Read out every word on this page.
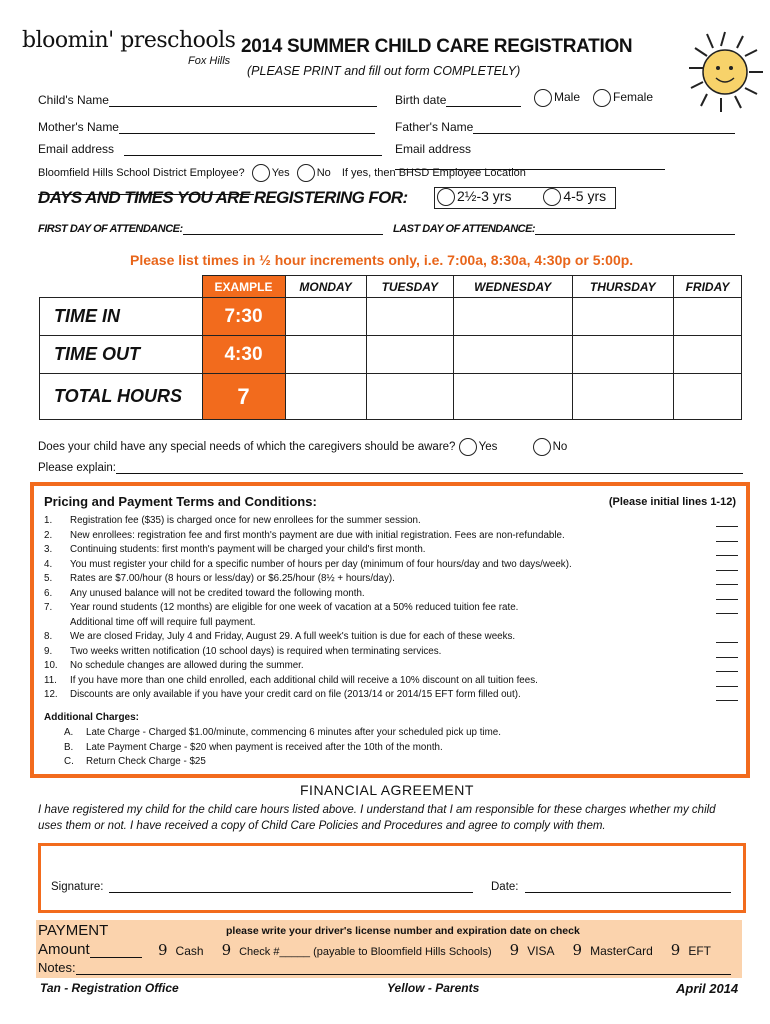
bloomin' preschools
Fox Hills
2014 SUMMER CHILD CARE REGISTRATION
(PLEASE PRINT and fill out form COMPLETELY)
Child's Name	Birth date	Male	Female
Mother's Name	Father's Name
Email address	Email address
Bloomfield Hills School District Employee? Yes No If yes, then BHSD Employee Location
DAYS AND TIMES YOU ARE REGISTERING FOR:	2½-3 yrs	4-5 yrs
FIRST DAY OF ATTENDANCE:	LAST DAY OF ATTENDANCE:
Please list times in ½ hour increments only, i.e. 7:00a, 8:30a, 4:30p or 5:00p.
	EXAMPLE	MONDAY	TUESDAY	WEDNESDAY	THURSDAY	FRIDAY
TIME IN	7:30					
TIME OUT	4:30					
TOTAL HOURS	7					
Does your child have any special needs of which the caregivers should be aware? Yes	No
Please explain:
Pricing and Payment Terms and Conditions:	(Please initial lines 1-12)
1.	Registration fee ($35) is charged once for new enrollees for the summer session.
2.	New enrollees: registration fee and first month's payment are due with initial registration. Fees are non-refundable.
3.	Continuing students: first month's payment will be charged your child's first month.
4.	You must register your child for a specific number of hours per day (minimum of four hours/day and two days/week).
5.	Rates are $7.00/hour (8 hours or less/day) or $6.25/hour (8½ + hours/day).
6.	Any unused balance will not be credited toward the following month.
7.	Year round students (12 months) are eligible for one week of vacation at a 50% reduced tuition fee rate.
Additional time off will require full payment.
8.	We are closed Friday, July 4 and Friday, August 29. A full week's tuition is due for each of these weeks.
9.	Two weeks written notification (10 school days) is required when terminating services.
10.	No schedule changes are allowed during the summer.
11.	If you have more than one child enrolled, each additional child will receive a 10% discount on all tuition fees.
12.	Discounts are only available if you have your credit card on file (2013/14 or 2014/15 EFT form filled out).
Additional Charges:
A. Late Charge - Charged $1.00/minute, commencing 6 minutes after your scheduled pick up time.
B. Late Payment Charge - $20 when payment is received after the 10th of the month.
C. Return Check Charge - $25
FINANCIAL AGREEMENT
I have registered my child for the child care hours listed above. I understand that I am responsible for these charges whether my child uses them or not. I have received a copy of Child Care Policies and Procedures and agree to comply with them.
Signature:	Date:
PAYMENT	please write your driver's license number and expiration date on check
Amount	9 Cash 9 Check #_____ (payable to Bloomfield Hills Schools) 9 VISA 9 MasterCard 9 EFT
Notes:
Tan - Registration Office	Yellow - Parents	April 2014
